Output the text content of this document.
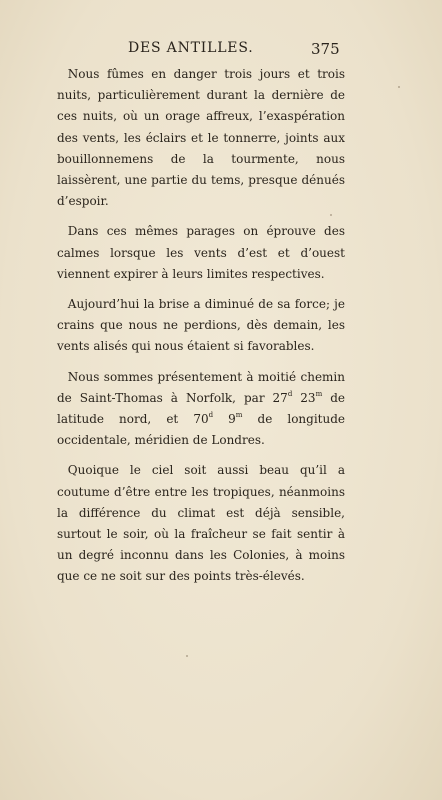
DES ANTILLES.	375

Nous fûmes en danger trois jours et trois nuits, particulièrement durant la dernière de ces nuits, où un orage affreux, l’exaspération des vents, les éclairs et le tonnerre, joints aux bouillonnemens de la tourmente, nous laissèrent, une partie du tems, presque dénués d’espoir.

Dans ces mêmes parages on éprouve des calmes lorsque les vents d’est et d’ouest viennent expirer à leurs limites respectives.

Aujourd’hui la brise a diminué de sa force; je crains que nous ne perdions, dès demain, les vents alisés qui nous étaient si favorables.

Nous sommes présentement à moitié chemin de Saint-Thomas à Norfolk, par 27$^d$ 23$^m$ de latitude nord, et 70$^d$ 9$^m$ de longitude occidentale, méridien de Londres.

Quoique le ciel soit aussi beau qu’il a coutume d’être entre les tropiques, néanmoins la différence du climat est déjà sensible, surtout le soir, où la fraîcheur se fait sentir à un degré inconnu dans les Colonies, à moins que ce ne soit sur des points très-élevés.
